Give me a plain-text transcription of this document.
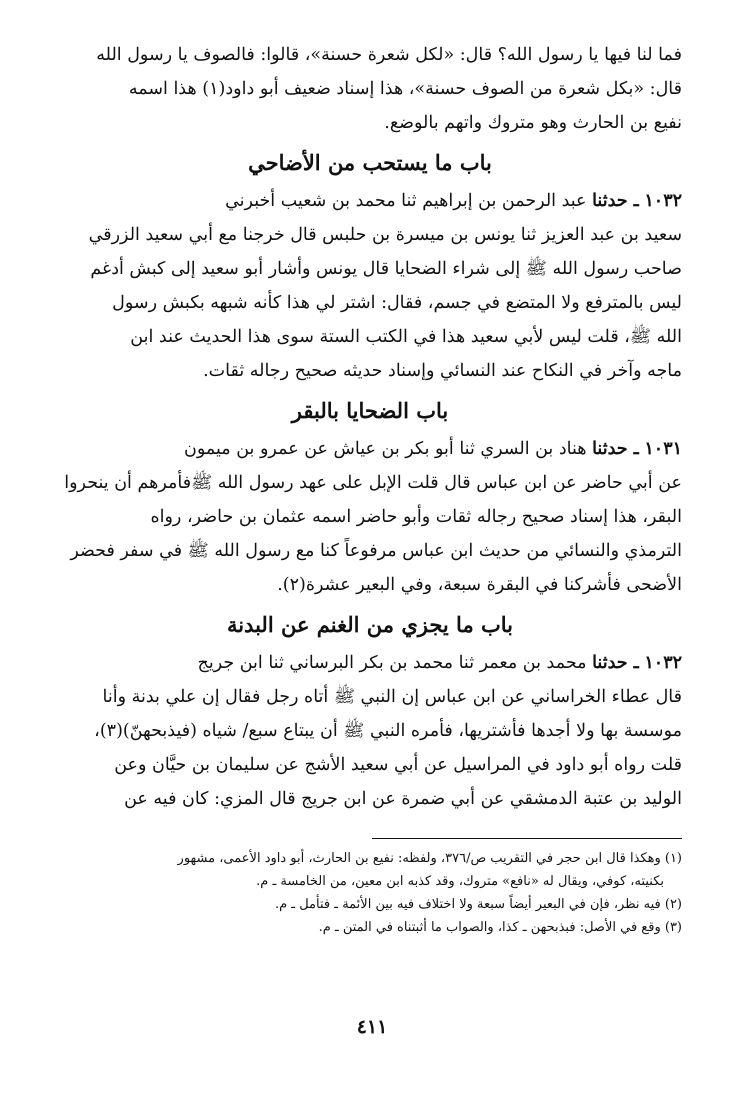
فما لنا فيها يا رسول الله؟ قال: «لكل شعرة حسنة»، قالوا: فالصوف يا رسول الله
قال: «بكل شعرة من الصوف حسنة»، هذا إسناد ضعيف أبو داود(١) هذا اسمه
نفيع بن الحارث وهو متروك واتهم بالوضع.
باب ما يستحب من الأضاحي
١٠٣٢ ـ حدثنا عبد الرحمن بن إبراهيم ثنا محمد بن شعيب أخبرني
سعيد بن عبد العزيز ثنا يونس بن ميسرة بن حلبس قال خرجنا مع أبي سعيد الزرقي
صاحب رسول الله ﷺ إلى شراء الضحايا قال يونس وأشار أبو سعيد إلى كبش أدغم
ليس بالمترفع ولا المتضع في جسم، فقال: اشتر لي هذا كأنه شبهه بكبش رسول
الله ﷺ، قلت ليس لأبي سعيد هذا في الكتب الستة سوى هذا الحديث عند ابن
ماجه وآخر في النكاح عند النسائي وإسناد حديثه صحيح رجاله ثقات.
باب الضحايا بالبقر
١٠٣١ ـ حدثنا هناد بن السري ثنا أبو بكر بن عياش عن عمرو بن ميمون
عن أبي حاضر عن ابن عباس قال قلت الإبل على عهد رسول الله ﷺفأمرهم أن ينحروا
البقر، هذا إسناد صحيح رجاله ثقات وأبو حاضر اسمه عثمان بن حاضر، رواه
الترمذي والنسائي من حديث ابن عباس مرفوعاً كنا مع رسول الله ﷺ في سفر فحضر
الأضحى فأشركنا في البقرة سبعة، وفي البعير عشرة(٢).
باب ما يجزي من الغنم عن البدنة
١٠٣٢ ـ حدثنا محمد بن معمر ثنا محمد بن بكر البرساني ثنا ابن جريج
قال عطاء الخراساني عن ابن عباس إن النبي ﷺ أتاه رجل فقال إن علي بدنة وأنا
موسسة بها ولا أجدها فأشتريها، فأمره النبي ﷺ أن يبتاع سبع/ شياه (فيذبحهنّ)(٣)،
قلت رواه أبو داود في المراسيل عن أبي سعيد الأشج عن سليمان بن حيَّان وعن
الوليد بن عتبة الدمشقي عن أبي ضمرة عن ابن جريج قال المزي: كان فيه عن
(١) وهكذا قال ابن حجر في التقريب ص/٣٧٦، ولفظه: نفيع بن الحارث، أبو داود الأعمى، مشهور
بكنيته، كوفي، ويقال له «نافع» متروك، وقد كذبه ابن معين، من الخامسة ـ م.
(٢) فيه نظر، فإن في البعير أيضاً سبعة ولا اختلاف فيه بين الأئمة ـ فتأمل ـ م.
(٣) وقع في الأصل: فبذبحهن ـ كذا، والصواب ما أثبتناه في المتن ـ م.
٤١١
